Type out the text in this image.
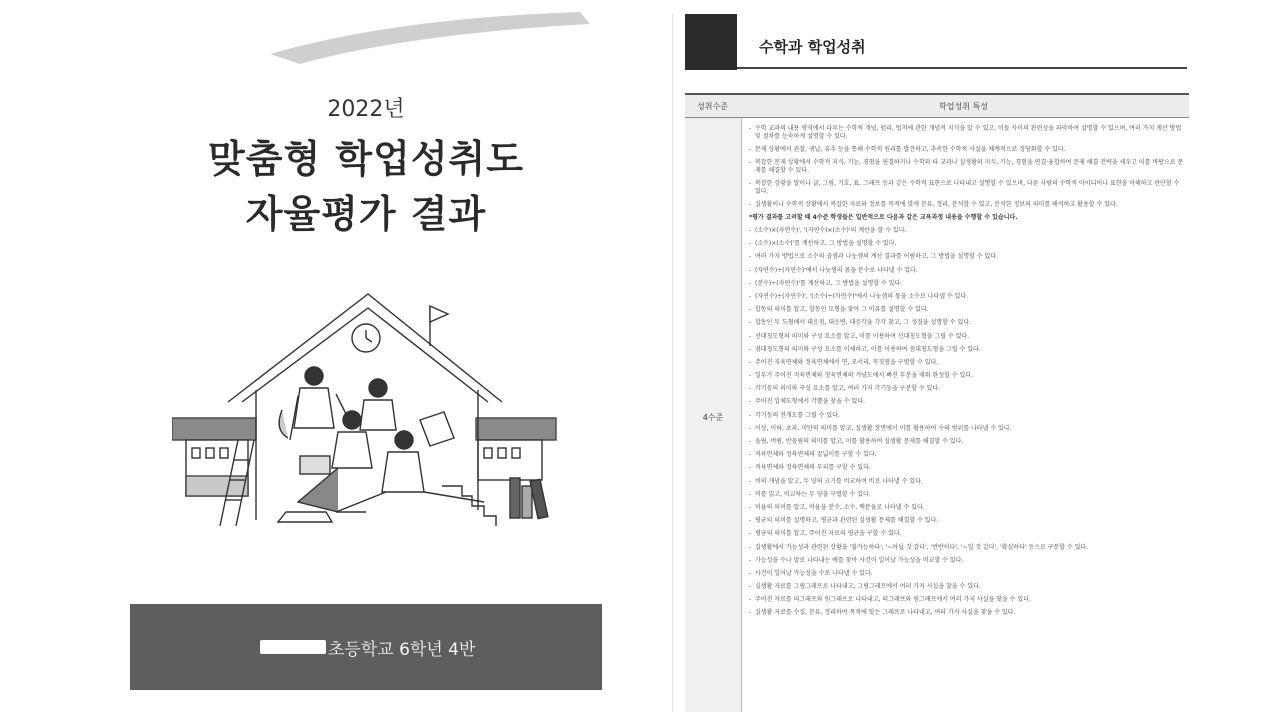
2022년
맞춤형 학업성취도
자율평가 결과
초등학교 6학년 4반
수학과 학업성취
성취수준	학업성취 특성
4수준
- 수학 교과의 내용 영역에서 다루는 수학적 개념, 원리, 법칙에 관한 개념적 지식을 알 수 있고, 이들 사이의 관련성을 파악하여 설명할 수 있으며, 여러 가지 계산 방법 및 절차를 능숙하게 설명할 수 있다.
- 문제 상황에서 관찰, 귀납, 유추 등을 통해 수학적 원리를 발견하고, 추측한 수학적 사실을 체계적으로 정당화할 수 있다.
- 복잡한 문제 상황에서 수학적 지식, 기능, 경험을 연결하거나 수학과 타 교과나 실생활의 지식, 기능, 경험을 연결·융합하여 문제 해결 전략을 세우고 이를 바탕으로 문제를 해결할 수 있다.
- 복잡한 상황을 말이나 글, 그림, 기호, 표, 그래프 등과 같은 수학적 표현으로 나타내고 설명할 수 있으며, 다른 사람의 수학적 아이디어나 표현을 이해하고 판단할 수 있다.
- 실생활이나 수학적 상황에서 복잡한 자료와 정보를 목적에 맞게 분류, 정리, 분석할 수 있고, 분석한 정보의 의미를 해석하고 활용할 수 있다.
*평가 결과를 고려할 때 4수준 학생들은 일반적으로 다음과 같은 교육과정 내용을 수행할 수 있습니다.
- (소수)×(자연수)', '(자연수)×(소수)'의 계산을 할 수 있다.
- (소수)×(소수)'를 계산하고, 그 방법을 설명할 수 있다.
- 여러 가지 방법으로 소수의 곱셈과 나눗셈의 계산 결과를 어림하고, 그 방법을 설명할 수 있다.
- (자연수)÷(자연수)'에서 나눗셈의 몫을 분수로 나타낼 수 있다.
- (분수)÷(자연수)'를 계산하고, 그 방법을 설명할 수 있다.
- (자연수)÷(자연수)', '(소수)÷(자연수)'에서 나눗셈의 몫을 소수로 나타낼 수 있다.
- 합동의 의미를 알고, 합동인 도형을 찾아 그 이유를 설명할 수 있다.
- 합동인 두 도형에서 대응점, 대응변, 대응각을 각각 찾고, 그 성질을 설명할 수 있다.
- 선대칭도형의 의미와 구성 요소를 알고, 이를 이용하여 선대칭도형을 그릴 수 있다.
- 점대칭도형의 의미와 구성 요소를 이해하고, 이를 이용하여 점대칭도형을 그릴 수 있다.
- 주어진 직육면체와 정육면체에서 면, 모서리, 꼭짓점을 구별할 수 있다.
- 일부가 주어진 직육면체와 정육면체의 겨냥도에서 빠진 부분을 채워 완성할 수 있다.
- 각기둥의 의미와 구성 요소를 알고, 여러 가지 각기둥을 구분할 수 있다.
- 주어진 입체도형에서 각뿔을 찾을 수 있다.
- 각기둥의 전개도를 그릴 수 있다.
- 이상, 이하, 초과, 미만의 의미를 알고, 실생활 장면에서 이를 활용하여 수의 범위를 나타낼 수 있다.
- 올림, 버림, 반올림의 의미를 알고, 이를 활용하여 실생활 문제를 해결할 수 있다.
- 직육면체와 정육면체의 겉넓이를 구할 수 있다.
- 직육면체와 정육면체의 부피를 구할 수 있다.
- 비의 개념을 알고, 두 양의 크기를 비교하여 비로 나타낼 수 있다.
- 비를 읽고, 비교하는 두 양을 구별할 수 있다.
- 비율의 의미를 알고, 비율을 분수, 소수, 백분율로 나타낼 수 있다.
- 평균의 의미를 설명하고, 평균과 관련된 실생활 문제를 해결할 수 있다.
- 평균의 의미를 알고, 주어진 자료의 평균을 구할 수 있다.
- 실생활에서 가능성과 관련된 상황을 '불가능하다', '~아닐 것 같다', '반반이다', '~일 것 같다', '확실하다' 등으로 구분할 수 있다.
- 가능성을 수나 말로 나타내는 예를 찾아 사건이 일어날 가능성을 비교할 수 있다.
- 사건이 일어날 가능성을 수로 나타낼 수 있다.
- 실생활 자료를 그림그래프로 나타내고, 그림그래프에서 여러 가지 사실을 찾을 수 있다.
- 주어진 자료를 띠그래프와 원그래프로 나타내고, 띠그래프와 원그래프에서 여러 가지 사실을 찾을 수 있다.
- 실생활 자료를 수집, 분류, 정리하여 목적에 맞는 그래프로 나타내고, 여러 가지 사실을 찾을 수 있다.
